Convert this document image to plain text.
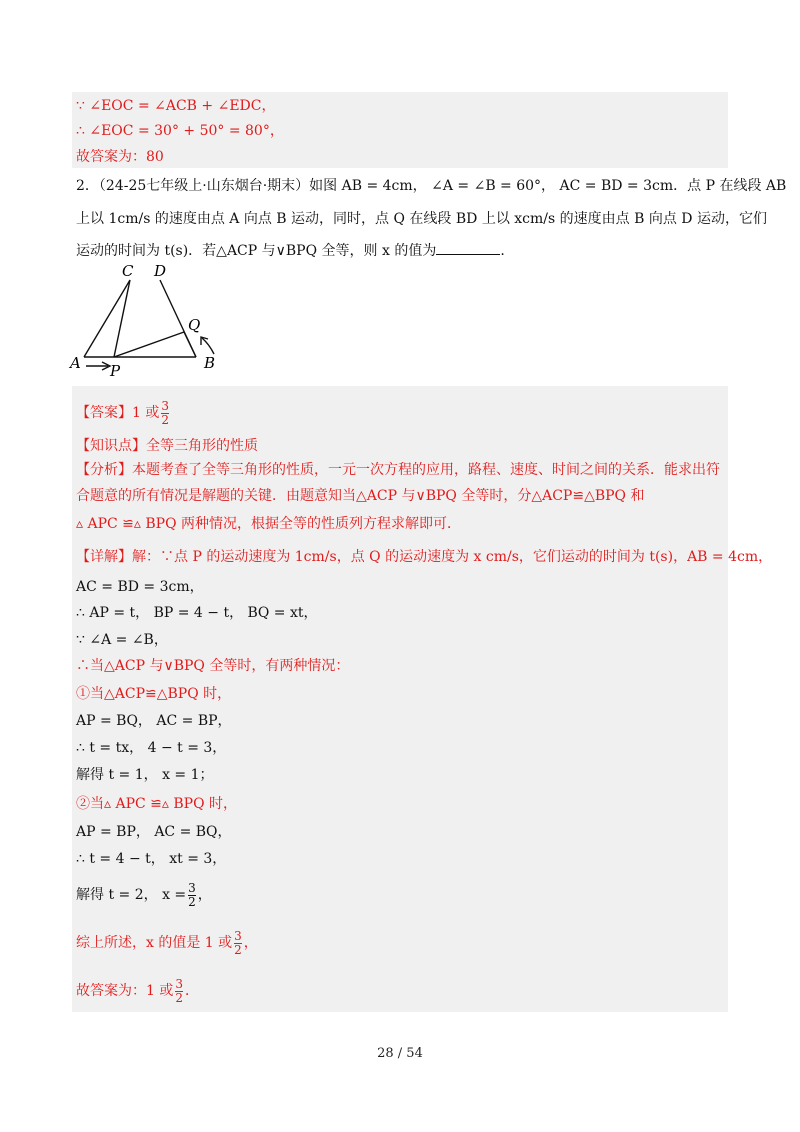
∵ ∠EOC = ∠ACB + ∠EDC，
∴ ∠EOC = 30° + 50° = 80°，
故答案为：80
2．（24-25七年级上·山东烟台·期末）如图 AB = 4cm， ∠A = ∠B = 60°， AC = BD = 3cm．点 P 在线段 AB
上以 1cm/s 的速度由点 A 向点 B 运动，同时，点 Q 在线段 BD 上以 xcm/s 的速度由点 B 向点 D 运动，它们
运动的时间为 t(s)．若△ACP 与∨BPQ 全等，则 x 的值为	.
C D
Q
A P	B
【答案】1 或 $\frac{3}{2}$
【知识点】全等三角形的性质
【分析】本题考查了全等三角形的性质，一元一次方程的应用，路程、速度、时间之间的关系．能求出符
合题意的所有情况是解题的关键．由题意知当△ACP 与∨BPQ 全等时，分△ACP≌△BPQ 和
▵ APC ≌▵ BPQ 两种情况，根据全等的性质列方程求解即可．
【详解】解：∵点 P 的运动速度为 1cm/s，点 Q 的运动速度为 x cm/s，它们运动的时间为 t(s)，AB = 4cm，
AC = BD = 3cm，
∴ AP = t， BP = 4 − t， BQ = xt，
∵ ∠A = ∠B，
∴当△ACP 与∨BPQ 全等时，有两种情况：
①当△ACP≌△BPQ 时，
AP = BQ， AC = BP，
∴ t = tx， 4 − t = 3，
解得 t = 1， x = 1；
②当▵ APC ≌▵ BPQ 时，
AP = BP， AC = BQ，
∴ t = 4 − t， xt = 3，
解得 t = 2， $x = \frac{3}{2}$ ，
综上所述，x 的值是 1 或 $\frac{3}{2}$ ，
故答案为：1 或 $\frac{3}{2}$ ．
28 / 54
